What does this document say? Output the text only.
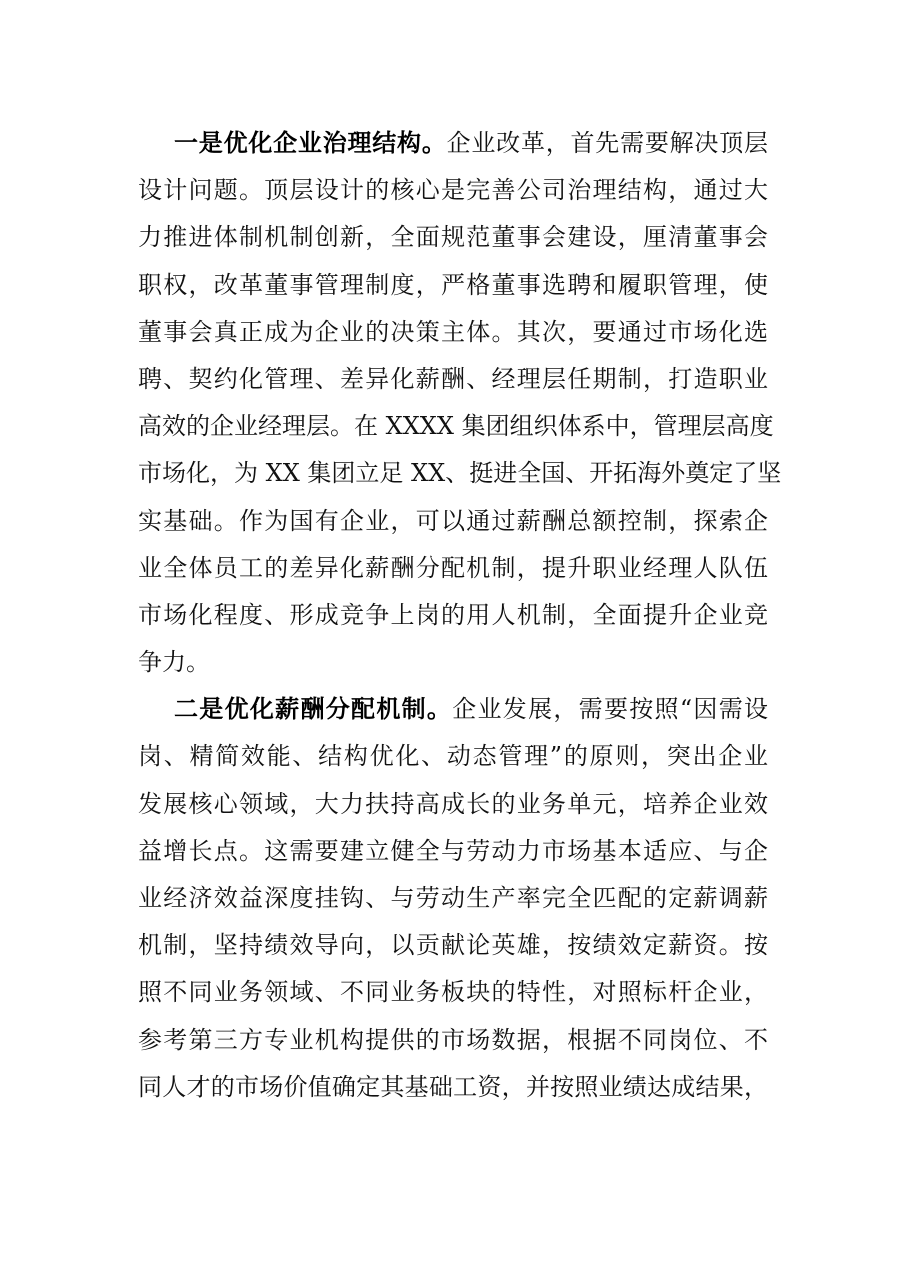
一是优化企业治理结构。企业改革，首先需要解决顶层
设计问题。顶层设计的核心是完善公司治理结构，通过大
力推进体制机制创新，全面规范董事会建设，厘清董事会
职权，改革董事管理制度，严格董事选聘和履职管理，使
董事会真正成为企业的决策主体。其次，要通过市场化选
聘、契约化管理、差异化薪酬、经理层任期制，打造职业
高效的企业经理层。在 XXXX 集团组织体系中，管理层高度
市场化，为 XX 集团立足 XX、挺进全国、开拓海外奠定了坚
实基础。作为国有企业，可以通过薪酬总额控制，探索企
业全体员工的差异化薪酬分配机制，提升职业经理人队伍
市场化程度、形成竞争上岗的用人机制，全面提升企业竞
争力。
二是优化薪酬分配机制。企业发展，需要按照“因需设
岗、精简效能、结构优化、动态管理”的原则，突出企业
发展核心领域，大力扶持高成长的业务单元，培养企业效
益增长点。这需要建立健全与劳动力市场基本适应、与企
业经济效益深度挂钩、与劳动生产率完全匹配的定薪调薪
机制，坚持绩效导向，以贡献论英雄，按绩效定薪资。按
照不同业务领域、不同业务板块的特性，对照标杆企业，
参考第三方专业机构提供的市场数据，根据不同岗位、不
同人才的市场价值确定其基础工资，并按照业绩达成结果，
